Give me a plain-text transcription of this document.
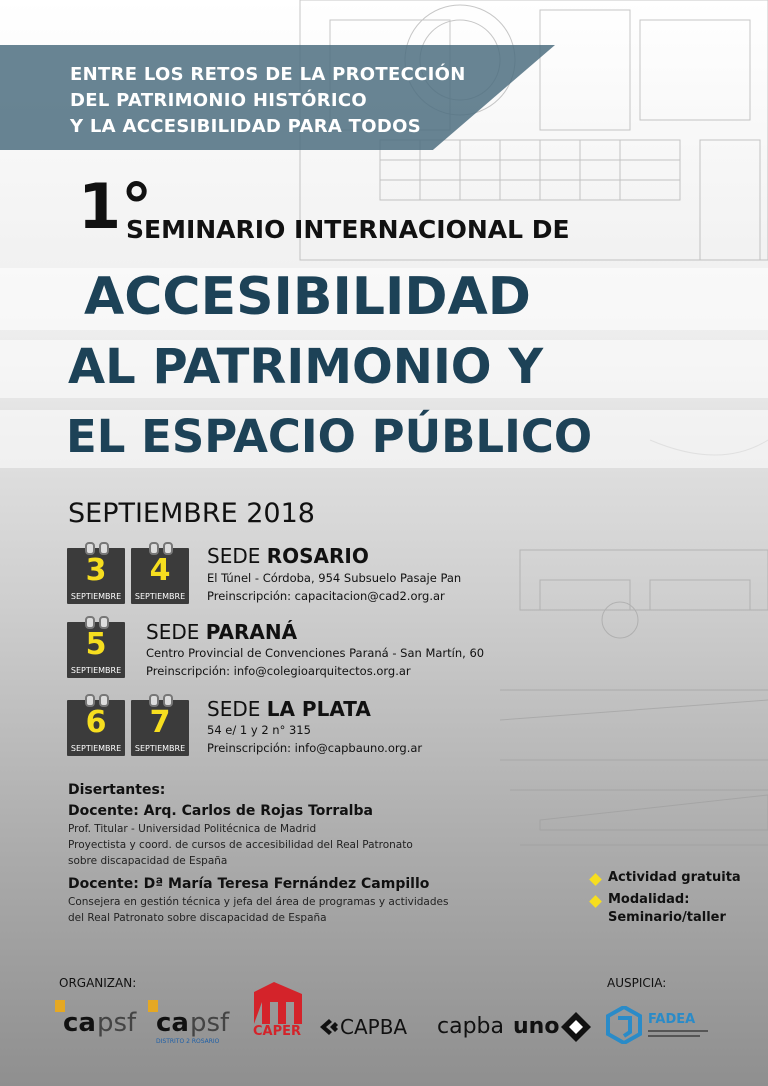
ENTRE LOS RETOS DE LA PROTECCIÓN
DEL PATRIMONIO HISTÓRICO
Y LA ACCESIBILIDAD PARA TODOS
1°
SEMINARIO INTERNACIONAL DE
ACCESIBILIDAD
AL PATRIMONIO Y
EL ESPACIO PÚBLICO
SEPTIEMBRE 2018
3
SEPTIEMBRE
4
SEPTIEMBRE
SEDE ROSARIO
El Túnel - Córdoba, 954 Subsuelo Pasaje Pan
Preinscripción: capacitacion@cad2.org.ar
5
SEPTIEMBRE
SEDE PARANÁ
Centro Provincial de Convenciones Paraná - San Martín, 60
Preinscripción: info@colegioarquitectos.org.ar
6
SEPTIEMBRE
7
SEPTIEMBRE
SEDE LA PLATA
54 e/ 1 y 2 n° 315
Preinscripción: info@capbauno.org.ar
Disertantes:
Docente: Arq. Carlos de Rojas Torralba
Prof. Titular - Universidad Politécnica de Madrid
Proyectista y coord. de cursos de accesibilidad del Real Patronato
sobre discapacidad de España
Docente: Dª María Teresa Fernández Campillo
Consejera en gestión técnica y jefa del área de programas y actividades
del Real Patronato sobre discapacidad de España
Actividad gratuita
Modalidad:
Seminario/taller
ORGANIZAN:	AUSPICIA:
ca psf ca psf
DISTRITO 2 ROSARIO
CAPER CAPBA capba uno	FADEA
